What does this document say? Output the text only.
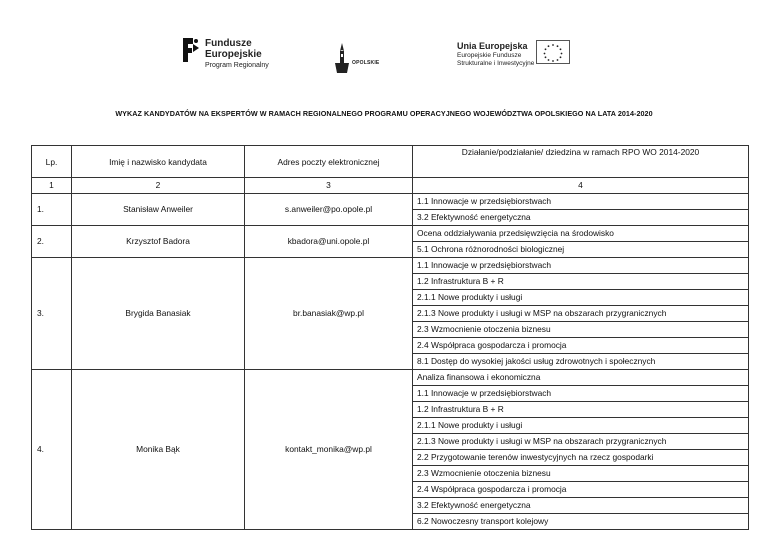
Fundusze
Europejskie
Program Regionalny	OPOLSKIE
Unia Europejska
Europejskie Fundusze
Strukturalne i Inwestycyjne
WYKAZ KANDYDATÓW NA EKSPERTÓW W RAMACH REGIONALNEGO PROGRAMU OPERACYJNEGO WOJEWÓDZTWA OPOLSKIEGO NA LATA 2014-2020
Lp.	Imię i nazwisko kandydata	Adres poczty elektronicznej	Działanie/podziałanie/ dziedzina w ramach RPO WO 2014-2020
1	2	3	4
1.	Stanisław Anweiler	s.anweiler@po.opole.pl	1.1 Innowacje w przedsiębiorstwach
			3.2 Efektywność energetyczna
2.	Krzysztof Badora	kbadora@uni.opole.pl	Ocena oddziaływania przedsięwzięcia na środowisko
			5.1 Ochrona różnorodności biologicznej
3.	Brygida Banasiak	br.banasiak@wp.pl	1.1 Innowacje w przedsiębiorstwach
			1.2 Infrastruktura B + R
			2.1.1 Nowe produkty i usługi
			2.1.3 Nowe produkty i usługi w MSP na obszarach przygranicznych
			2.3 Wzmocnienie otoczenia biznesu
			2.4 Współpraca gospodarcza i promocja
			8.1 Dostęp do wysokiej jakości usług zdrowotnych i społecznych
4.	Monika Bąk	kontakt_monika@wp.pl	Analiza finansowa i ekonomiczna
			1.1 Innowacje w przedsiębiorstwach
			1.2 Infrastruktura B + R
			2.1.1 Nowe produkty i usługi
			2.1.3 Nowe produkty i usługi w MSP na obszarach przygranicznych
			2.2 Przygotowanie terenów inwestycyjnych na rzecz gospodarki
			2.3 Wzmocnienie otoczenia biznesu
			2.4 Współpraca gospodarcza i promocja
			3.2 Efektywność energetyczna
			6.2 Nowoczesny transport kolejowy
